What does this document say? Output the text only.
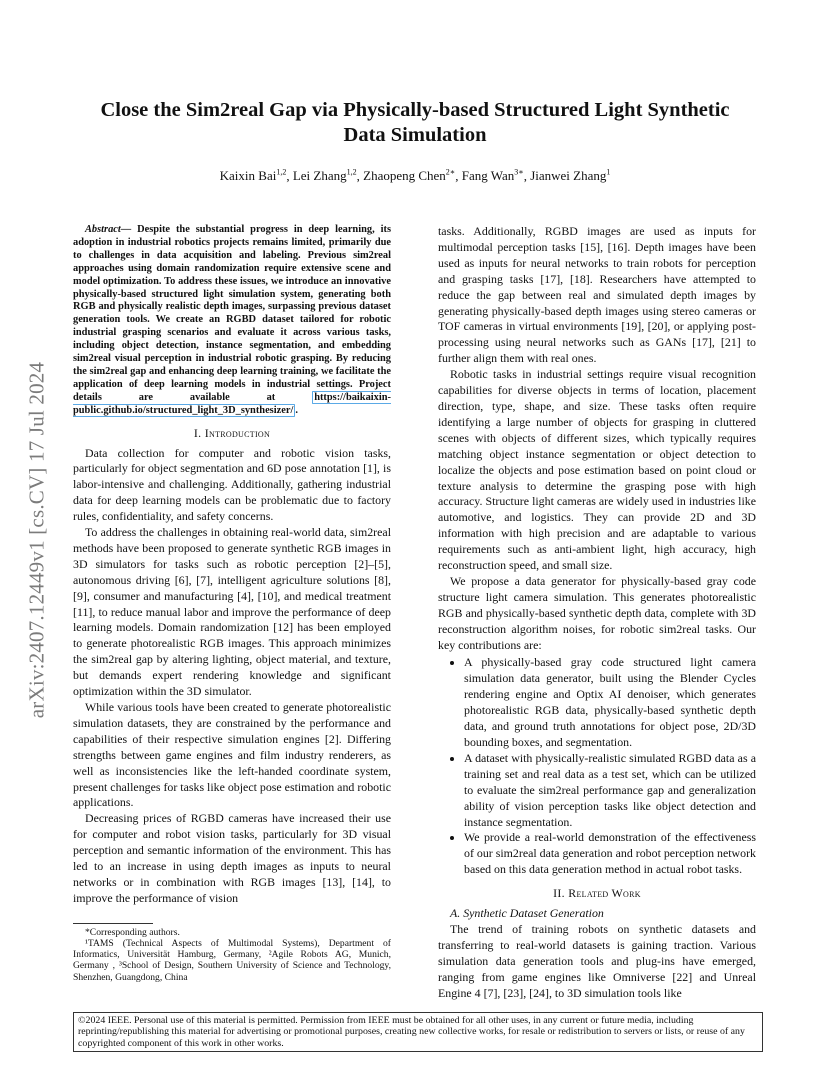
arXiv:2407.12449v1 [cs.CV] 17 Jul 2024
Close the Sim2real Gap via Physically-based Structured Light Synthetic
Data Simulation
Kaixin Bai$^{1,2}$, Lei Zhang$^{1,2}$, Zhaopeng Chen$^{2∗}$, Fang Wan$^{3∗}$, Jianwei Zhang$^1$

Abstract— Despite the substantial progress in deep learning, its adoption in industrial robotics projects remains limited, primarily due to challenges in data acquisition and labeling. Previous sim2real approaches using domain randomization require extensive scene and model optimization. To address these issues, we introduce an innovative physically-based structured light simulation system, generating both RGB and physically realistic depth images, surpassing previous dataset generation tools. We create an RGBD dataset tailored for robotic industrial grasping scenarios and evaluate it across various tasks, including object detection, instance segmentation, and embedding sim2real visual perception in industrial robotic grasping. By reducing the sim2real gap and enhancing deep learning training, we facilitate the application of deep learning models in industrial settings. Project details are available at	https://baikaixin-public.github.io/structured_light_3D_synthesizer/ .

I. Introduction

Data collection for computer and robotic vision tasks, particularly for object segmentation and 6D pose annotation [1], is labor-intensive and challenging. Additionally, gathering industrial data for deep learning models can be problematic due to factory rules, confidentiality, and safety concerns.

To address the challenges in obtaining real-world data, sim2real methods have been proposed to generate synthetic RGB images in 3D simulators for tasks such as robotic perception [2]–[5], autonomous driving [6], [7], intelligent agriculture solutions [8], [9], consumer and manufacturing [4], [10], and medical treatment [11], to reduce manual labor and improve the performance of deep learning models. Domain randomization [12] has been employed to generate photorealistic RGB images. This approach minimizes the sim2real gap by altering lighting, object material, and texture, but demands expert rendering knowledge and significant optimization within the 3D simulator.

While various tools have been created to generate photorealistic simulation datasets, they are constrained by the performance and capabilities of their respective simulation engines [2]. Differing strengths between game engines and film industry renderers, as well as inconsistencies like the left-handed coordinate system, present challenges for tasks like object pose estimation and robotic applications.

Decreasing prices of RGBD cameras have increased their use for computer and robot vision tasks, particularly for 3D visual perception and semantic information of the environment. This has led to an increase in using depth images as inputs to neural networks or in combination with RGB images [13], [14], to improve the performance of vision

*Corresponding authors.

¹TAMS (Technical Aspects of Multimodal Systems), Department of Informatics, Universität Hamburg, Germany, ²Agile Robots AG, Munich, Germany , ³School of Design, Southern University of Science and Technology, Shenzhen, Guangdong, China

tasks. Additionally, RGBD images are used as inputs for multimodal perception tasks [15], [16]. Depth images have been used as inputs for neural networks to train robots for perception and grasping tasks [17], [18]. Researchers have attempted to reduce the gap between real and simulated depth images by generating physically-based depth images using stereo cameras or TOF cameras in virtual environments [19], [20], or applying post-processing using neural networks such as GANs [17], [21] to further align them with real ones.

Robotic tasks in industrial settings require visual recognition capabilities for diverse objects in terms of location, placement direction, type, shape, and size. These tasks often require identifying a large number of objects for grasping in cluttered scenes with objects of different sizes, which typically requires matching object instance segmentation or object detection to localize the objects and pose estimation based on point cloud or texture analysis to determine the grasping pose with high accuracy. Structure light cameras are widely used in industries like automotive, and logistics. They can provide 2D and 3D information with high precision and are adaptable to various requirements such as anti-ambient light, high accuracy, high reconstruction speed, and small size.

We propose a data generator for physically-based gray code structure light camera simulation. This generates photorealistic RGB and physically-based synthetic depth data, complete with 3D reconstruction algorithm noises, for robotic sim2real tasks. Our key contributions are:

• A physically-based gray code structured light camera simulation data generator, built using the Blender Cycles rendering engine and Optix AI denoiser, which generates photorealistic RGB data, physically-based synthetic depth data, and ground truth annotations for object pose, 2D/3D bounding boxes, and segmentation.
• A dataset with physically-realistic simulated RGBD data as a training set and real data as a test set, which can be utilized to evaluate the sim2real performance gap and generalization ability of vision perception tasks like object detection and instance segmentation.
• We provide a real-world demonstration of the effectiveness of our sim2real data generation and robot perception network based on this data generation method in actual robot tasks.
II. Related Work

A. Synthetic Dataset Generation

The trend of training robots on synthetic datasets and transferring to real-world datasets is gaining traction. Various simulation data generation tools and plug-ins have emerged, ranging from game engines like Omniverse [22] and Unreal Engine 4 [7], [23], [24], to 3D simulation tools like

©2024 IEEE. Personal use of this material is permitted. Permission from IEEE must be obtained for all other uses, in any current or future media, including reprinting/republishing this material for advertising or promotional purposes, creating new collective works, for resale or redistribution to servers or lists, or reuse of any copyrighted component of this work in other works.
